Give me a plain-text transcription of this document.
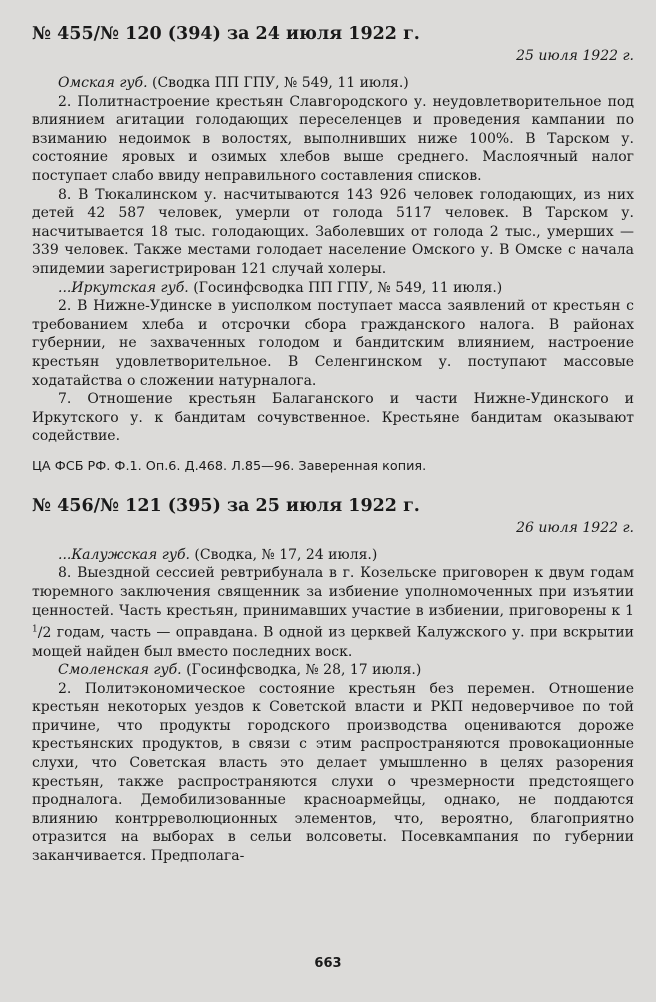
№ 455/№ 120 (394) за 24 июля 1922 г.

25 июля 1922 г.

Омская губ. (Сводка ПП ГПУ, № 549, 11 июля.)

2. Политнастроение крестьян Славгородского у. неудовлетворительное под влиянием агитации голодающих переселенцев и проведения кампании по взиманию недоимок в волостях, выполнивших ниже 100%. В Тарском у. состояние яровых и озимых хлебов выше среднего. Маслоячный налог поступает слабо ввиду неправильного составления списков.

8. В Тюкалинском у. насчитываются 143 926 человек голодающих, из них детей 42 587 человек, умерли от голода 5117 человек. В Тарском у. насчитывается 18 тыс. голодающих. Заболевших от голода 2 тыс., умерших — 339 человек. Также местами голодает население Омского у. В Омске с начала эпидемии зарегистрирован 121 случай холеры.

...Иркутская губ. (Госинфсводка ПП ГПУ, № 549, 11 июля.)

2. В Нижне-Удинске в уисполком поступает масса заявлений от крестьян с требованием хлеба и отсрочки сбора гражданского налога. В районах губернии, не захваченных голодом и бандитским влиянием, настроение крестьян удовлетворительное. В Селенгинском у. поступают массовые ходатайства о сложении натурналога.

7. Отношение крестьян Балаганского и части Нижне-Удинского и Иркутского у. к бандитам сочувственное. Крестьяне бандитам оказывают содействие.

ЦА ФСБ РФ. Ф.1. Оп.6. Д.468. Л.85—96. Заверенная копия.

№ 456/№ 121 (395) за 25 июля 1922 г.

26 июля 1922 г.

...Калужская губ. (Сводка, № 17, 24 июля.)

8. Выездной сессией ревтрибунала в г. Козельске приговорен к двум годам тюремного заключения священник за избиение уполномоченных при изъятии ценностей. Часть крестьян, принимавших участие в избиении, приговорены к 1 $^1$/2 годам, часть — оправдана. В одной из церквей Калужского у. при вскрытии мощей найден был вместо последних воск.

Смоленская губ. (Госинфсводка, № 28, 17 июля.)

2. Политэкономическое состояние крестьян без перемен. Отношение крестьян некоторых уездов к Советской власти и РКП недоверчивое по той причине, что продукты городского производства оцениваются дороже крестьянских продуктов, в связи с этим распространяются провокационные слухи, что Советская власть это делает умышленно в целях разорения крестьян, также распространяются слухи о чрезмерности предстоящего продналога. Демобилизованные красноармейцы, однако, не поддаются влиянию контрреволюционных элементов, что, вероятно, благоприятно отразится на выборах в сельи волсоветы. Посевкампания по губернии заканчивается. Предполага-

663
